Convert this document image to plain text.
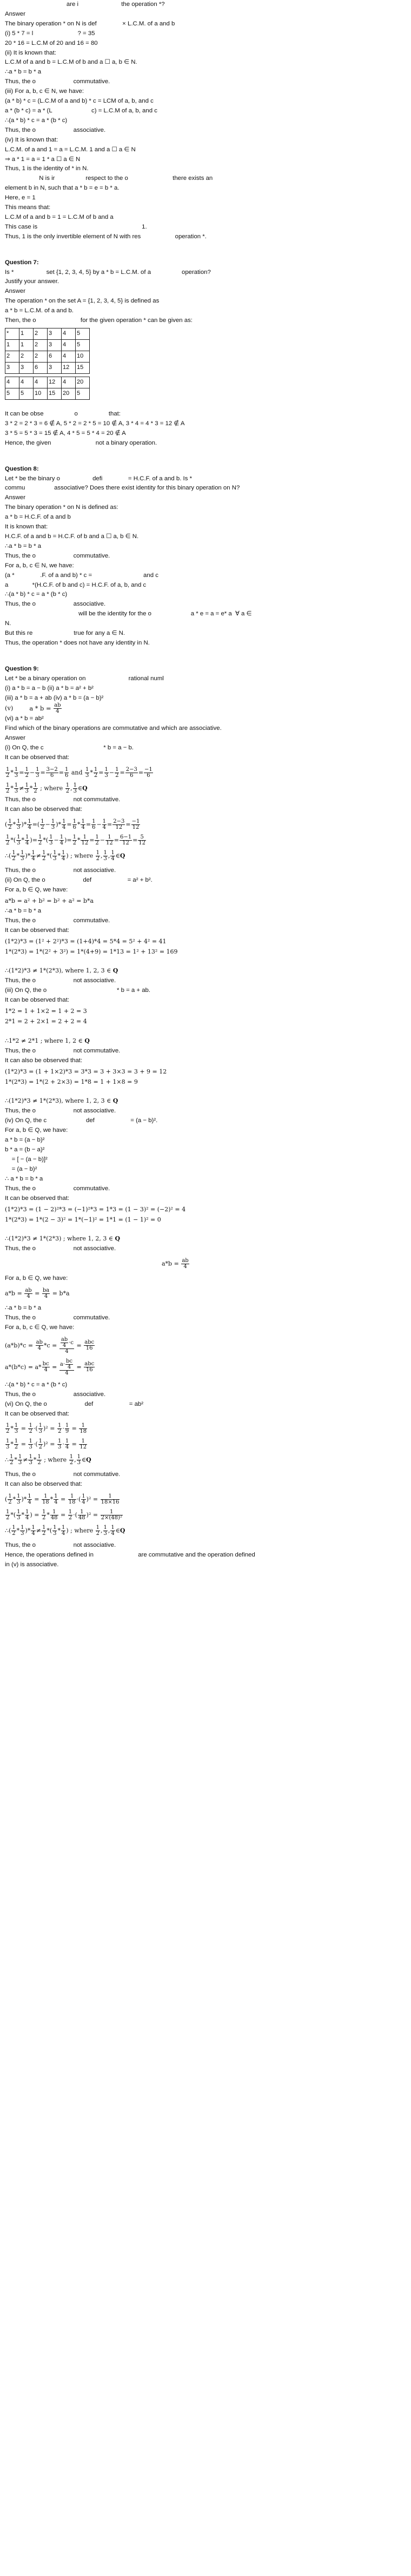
are i                         the operation *?
Answer
The binary operation * on N is def               × L.C.M. of a and b
(i) 5 * 7 = l                          ? = 35
20 * 16 = L.C.M of 20 and 16 = 80
(ii) It is known that:
L.C.M of a and b = L.C.M of b and a ☐ a, b ∈ N.
∴a * b = b * a
Thus, the o                      commutative.
(iii) For a, b, c ∈ N, we have:
(a * b) * c = (L.C.M of a and b) * c = LCM of a, b, and c
a * (b * c) = a * (L                       c) = L.C.M of a, b, and c
∴(a * b) * c = a * (b * c)
Thus, the o                      associative.
(iv) It is known that:
L.C.M. of a and 1 = a = L.C.M. 1 and a ☐ a ∈ N
⇒ a * 1 = a = 1 * a ☐ a ∈ N
Thus, 1 is the identity of * in N.
N is ir                  respect to the o                          there exists an
element b in N, such that a * b = e = b * a.
Here, e = 1
This means that:
L.C.M of a and b = 1 = L.C.M of b and a
This case is                                                             1.
Thus, 1 is the only invertible element of N with res                    operation *.
Question 7:
Is *                   set {1, 2, 3, 4, 5} by a * b = L.C.M. of a                  operation?
Justify your answer.
Answer
The operation * on the set A = {1, 2, 3, 4, 5} is defined as
a * b = L.C.M. of a and b.
Then, the o                          for the given operation * can be given as:
*	1	2	3	4	5
1	1	2	3	4	5
2	2	2	6	4	10
3	3	6	3	12	15
4	4	4	12	4	20
5	5	10	15	20	5
It can be obse                  o                  that:
3 * 2 = 2 * 3 = 6 ∉ A, 5 * 2 = 2 * 5 = 10 ∉ A, 3 * 4 = 4 * 3 = 12 ∉ A
3 * 5 = 5 * 3 = 15 ∉ A, 4 * 5 = 5 * 4 = 20 ∉ A
Hence, the given                          not a binary operation.
Question 8:
Let * be the binary o                   defi               = H.C.F. of a and b. Is *
commu                 associative? Does there exist identity for this binary operation on N?
Answer
The binary operation * on N is defined as:
a * b = H.C.F. of a and b
It is known that:
H.C.F. of a and b = H.C.F. of b and a ☐ a, b ∈ N.
∴a * b = b * a
Thus, the o                      commutative.
For a, b, c ∈ N, we have:
(a *               .F. of a and b) * c =                              and c
a              *(H.C.F. of b and c) = H.C.F. of a, b, and c
∴(a * b) * c = a * (b * c)
Thus, the o                      associative.
will be the identity for the o                       a * e = a = e* a  ∀ a ∈
N.
But this re                        true for any a ∈ N.
Thus, the operation * does not have any identity in N.
Question 9:
Let * be a binary operation on                         rational numl
(i) a * b = a − b (ii) a * b = a² + b²
(iii) a * b = a + ab (iv) a * b = (a − b)²
(v)	$a * b = \frac{ab}{4}$
(vi) a * b = ab²
Find which of the binary operations are commutative and which are associative.
Answer
(i) On Q, the c                                   * b = a − b.
It can be observed that:
$\frac{1}{2} * \frac{1}{3} = \frac{1}{2} - \frac{1}{3} = \frac{3-2}{6} = \frac{1}{6}$ and $\frac{1}{3} * \frac{1}{2} = \frac{1}{3} - \frac{1}{2} = \frac{2-3}{6} = \frac{-1}{6}$
$\frac{1}{2} * \frac{1}{3} \ne \frac{1}{3} * \frac{1}{2}$ ; where $\frac{1}{2}$ , $\frac{1}{3}$ ∈Q
Thus, the o                      not commutative.
It can also be observed that:
( $\frac{1}{2} * \frac{1}{3}$ )* $\frac{1}{4}$ =( $\frac{1}{2} - \frac{1}{3}$ )* $\frac{1}{4} = \frac{1}{6} * \frac{1}{4} = \frac{1}{6} - \frac{1}{4} = \frac{2-3}{12} = \frac{-1}{12}$
$\frac{1}{2}$ *( $\frac{1}{3} * \frac{1}{4}$ )= $\frac{1}{2}$ *( $\frac{1}{3} - \frac{1}{4}$ )= $\frac{1}{2} * \frac{1}{12} = \frac{1}{2} - \frac{1}{12} = \frac{6-1}{12} = \frac{5}{12}$
∴( $\frac{1}{2} * \frac{1}{3}$ )* $\frac{1}{4} \ne \frac{1}{2}$ *( $\frac{1}{3} * \frac{1}{4}$ ) ; where $\frac{1}{2}$ , $\frac{1}{3}$ , $\frac{1}{4}$ ∈Q
Thus, the o                      not associative.
(ii) On Q, the o                      def                     = a² + b².
For a, b ∈ Q, we have:
a*b = a² + b² = b² + a² = b*a
∴a * b = b * a
Thus, the o                      commutative.
It can be observed that:
(1*2)*3 = (1² + 2²)*3 = (1+4)*4 = 5*4 = 5² + 4² = 41
1*(2*3) = 1*(2² + 3²) = 1*(4+9) = 1*13 = 1² + 13² = 169
∴(1*2)*3 ≠ 1*(2*3), where 1, 2, 3 ∈ Q
Thus, the o                      not associative.
(iii) On Q, the o                                         * b = a + ab.
It can be observed that:
1*2 = 1 + 1×2 = 1 + 2 = 3
2*1 = 2 + 2×1 = 2 + 2 = 4
∴1*2 ≠ 2*1 ; where 1, 2 ∈ Q
Thus, the o                      not commutative.
It can also be observed that:
(1*2)*3 = (1 + 1×2)*3 = 3*3 = 3 + 3×3 = 3 + 9 = 12
1*(2*3) = 1*(2 + 2×3) = 1*8 = 1 + 1×8 = 9
∴(1*2)*3 ≠ 1*(2*3), where 1, 2, 3 ∈ Q
Thus, the o                      not associative.
(iv) On Q, the c                       def                     = (a − b)².
For a, b ∈ Q, we have:
a * b = (a − b)²
b * a = (b − a)²
= [ − (a − b)]²
= (a − b)²
∴ a * b = b * a
Thus, the o                      commutative.
It can be observed that:
(1*2)*3 = (1 − 2)²*3 = (−1)²*3 = 1*3 = (1 − 3)² = (−2)² = 4
1*(2*3) = 1*(2 − 3)² = 1*(−1)² = 1*1 = (1 − 1)² = 0
∴(1*2)*3 ≠ 1*(2*3) ; where 1, 2, 3 ∈ Q
Thus, the o                      not associative.
$a*b = \frac{ab}{4}$
For a, b ∈ Q, we have:
$a*b = \frac{ab}{4} = \frac{ba}{4} = b*a$
∴a * b = b * a
Thus, the o                      commutative.
For a, b, c ∈ Q, we have:
$(a*b)*c = \frac{ab}{4} *c = \frac{\frac{ab}{4} \cdot c}{4} = \frac{\text{abc}}{16}$
$a*(b*c) = a* \frac{bc}{4} = \frac{a\cdot \frac{bc}{4}}{4} = \frac{\text{abc}}{16}$
∴(a * b) * c = a * (b * c)
Thus, the o                      associative.
(vi) On Q, the o                      def                     = ab²
It can be observed that:
$\frac{1}{2} * \frac{1}{3} = \frac{1}{2}$ ·( $\frac{1}{3} )^2 = \frac{1}{2} \cdot \frac{1}{9} = \frac{1}{18}$
$\frac{1}{3} * \frac{1}{2} = \frac{1}{3}$ ·( $\frac{1}{2} )^2 = \frac{1}{3} \cdot \frac{1}{4} = \frac{1}{12}$
∴ $\frac{1}{2} * \frac{1}{3} \ne \frac{1}{3} * \frac{1}{2}$ ; where $\frac{1}{2}$ , $\frac{1}{3}$ ∈Q
Thus, the o                      not commutative.
It can also be observed that:
( $\frac{1}{2} * \frac{1}{3}$ )* $\frac{1}{4} = \frac{1}{18} * \frac{1}{4} = \frac{1}{18}$ ·( $\frac{1}{4} )^2 = \frac{1}{18\times 16}$
$\frac{1}{2}$ *( $\frac{1}{3} * \frac{1}{4}$ ) = $\frac{1}{2} * \frac{1}{48} = \frac{1}{2}$ ·( $\frac{1}{48} )^2 = \frac{1}{\text{2×(48)²}}$
∴( $\frac{1}{2} * \frac{1}{3}$ )* $\frac{1}{4} \ne \frac{1}{2}$ *( $\frac{1}{3} * \frac{1}{4}$ ) ; where $\frac{1}{2}$ , $\frac{1}{3}$ , $\frac{1}{4}$ ∈Q
Thus, the o                      not associative.
Hence, the operations defined in                          are commutative and the operation defined
in (v) is associative.
